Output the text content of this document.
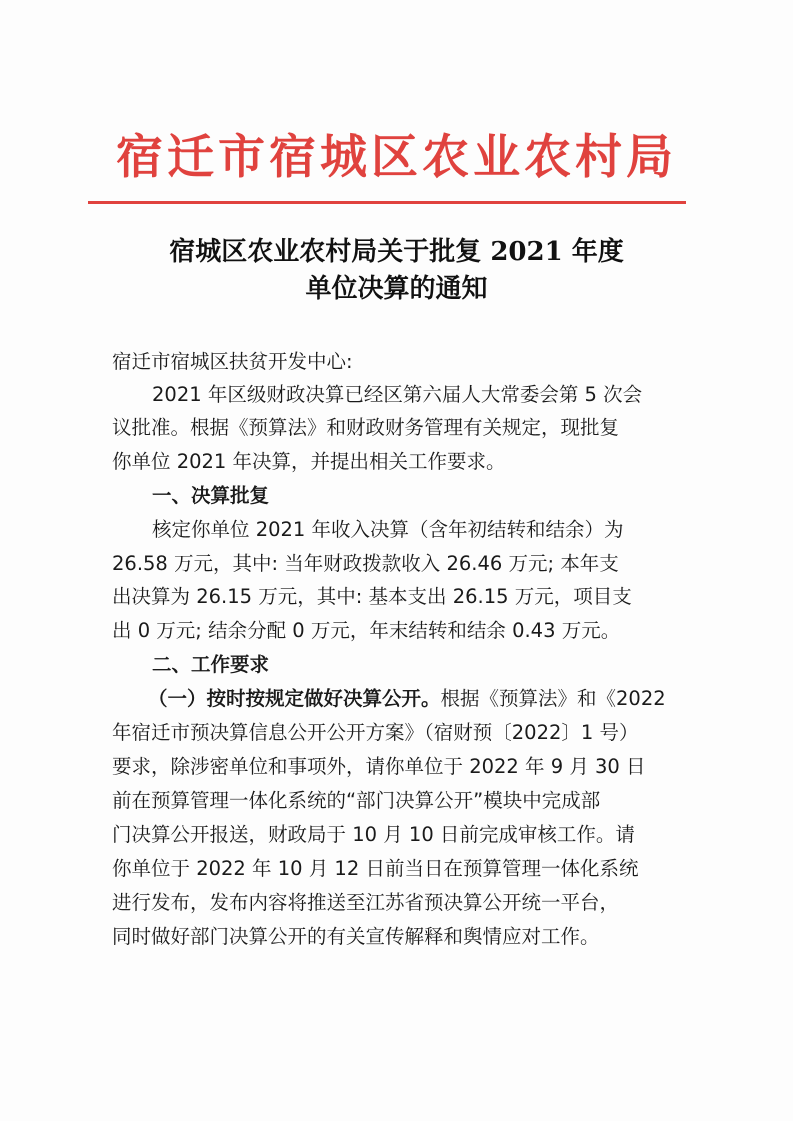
宿迁市宿城区农业农村局
宿城区农业农村局关于批复 2021 年度
单位决算的通知
宿迁市宿城区扶贫开发中心:
2021 年区级财政决算已经区第六届人大常委会第 5 次会
议批准。根据《预算法》和财政财务管理有关规定，现批复
你单位 2021 年决算，并提出相关工作要求。
一、决算批复
核定你单位 2021 年收入决算（含年初结转和结余）为
26.58 万元，其中: 当年财政拨款收入 26.46 万元; 本年支
出决算为 26.15 万元，其中: 基本支出 26.15 万元，项目支
出 0 万元; 结余分配 0 万元，年末结转和结余 0.43 万元。
二、工作要求
（一）按时按规定做好决算公开。根据《预算法》和《2022
年宿迁市预决算信息公开公开方案》（宿财预〔2022〕1 号）
要求，除涉密单位和事项外，请你单位于 2022 年 9 月 30 日
前在预算管理一体化系统的“部门决算公开”模块中完成部
门决算公开报送，财政局于 10 月 10 日前完成审核工作。请
你单位于 2022 年 10 月 12 日前当日在预算管理一体化系统
进行发布，发布内容将推送至江苏省预决算公开统一平台，
同时做好部门决算公开的有关宣传解释和舆情应对工作。
